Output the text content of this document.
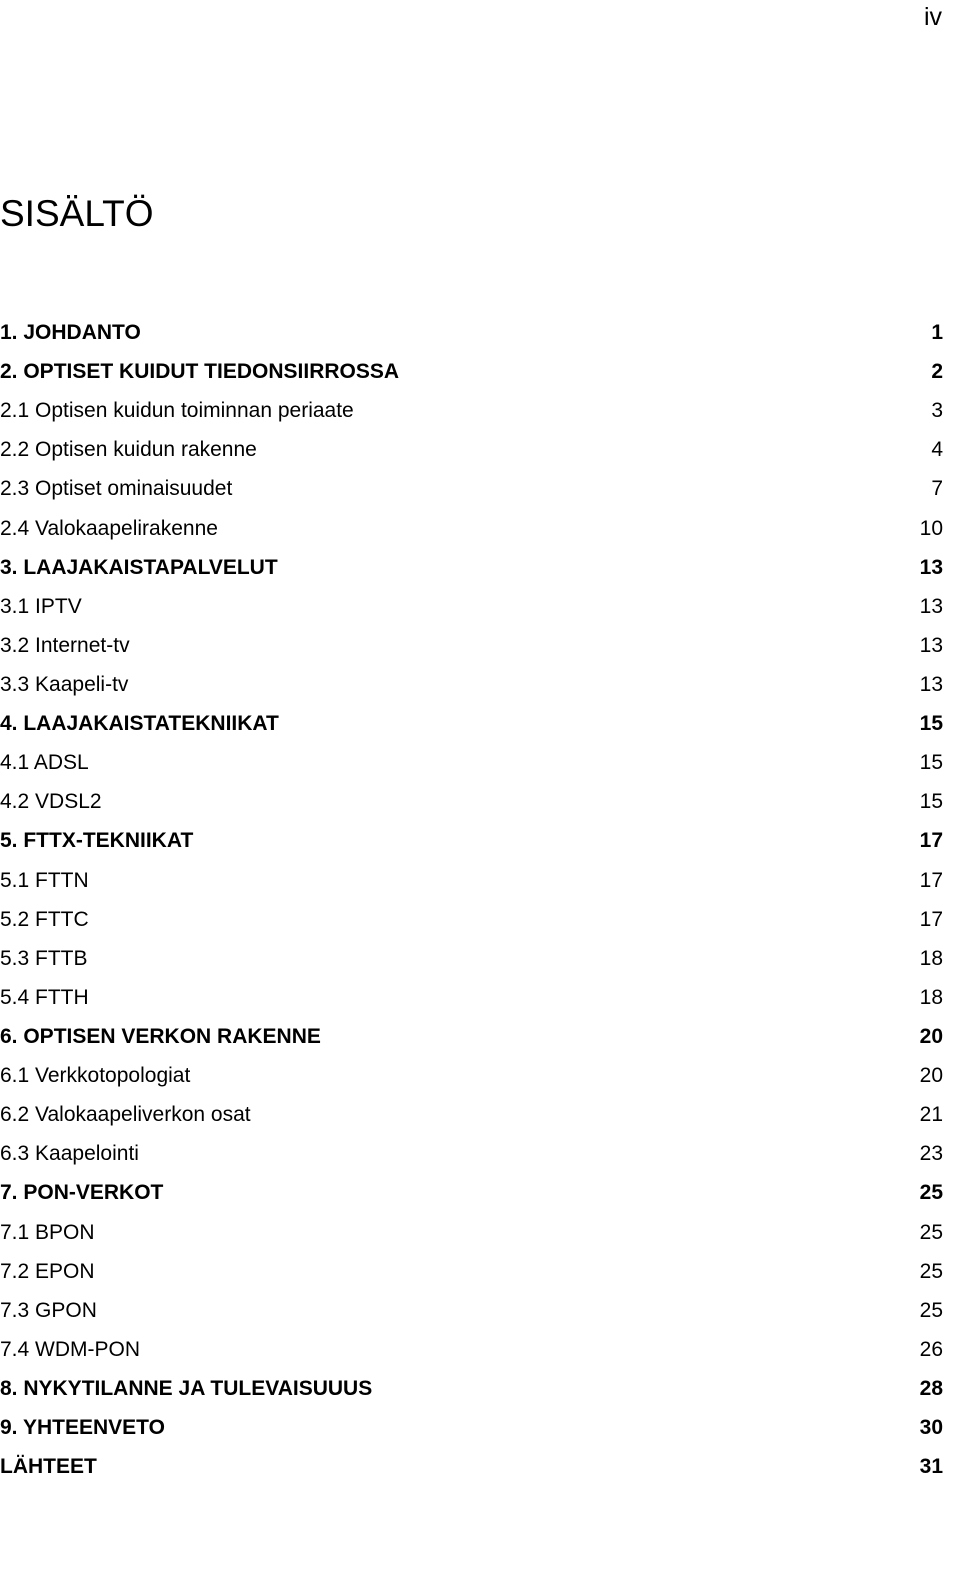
iv
SISÄLTÖ
1. JOHDANTO	1
2. OPTISET KUIDUT TIEDONSIIRROSSA	2
2.1 Optisen kuidun toiminnan periaate	3
2.2 Optisen kuidun rakenne	4
2.3 Optiset ominaisuudet	7
2.4 Valokaapelirakenne	10
3. LAAJAKAISTAPALVELUT	13
3.1 IPTV	13
3.2 Internet-tv	13
3.3 Kaapeli-tv	13
4. LAAJAKAISTATEKNIIKAT	15
4.1 ADSL	15
4.2 VDSL2	15
5. FTTX-TEKNIIKAT	17
5.1 FTTN	17
5.2 FTTC	17
5.3 FTTB	18
5.4 FTTH	18
6. OPTISEN VERKON RAKENNE	20
6.1 Verkkotopologiat	20
6.2 Valokaapeliverkon osat	21
6.3 Kaapelointi	23
7. PON-VERKOT	25
7.1 BPON	25
7.2 EPON	25
7.3 GPON	25
7.4 WDM-PON	26
8. NYKYTILANNE JA TULEVAISUUUS	28
9. YHTEENVETO	30
LÄHTEET	31
